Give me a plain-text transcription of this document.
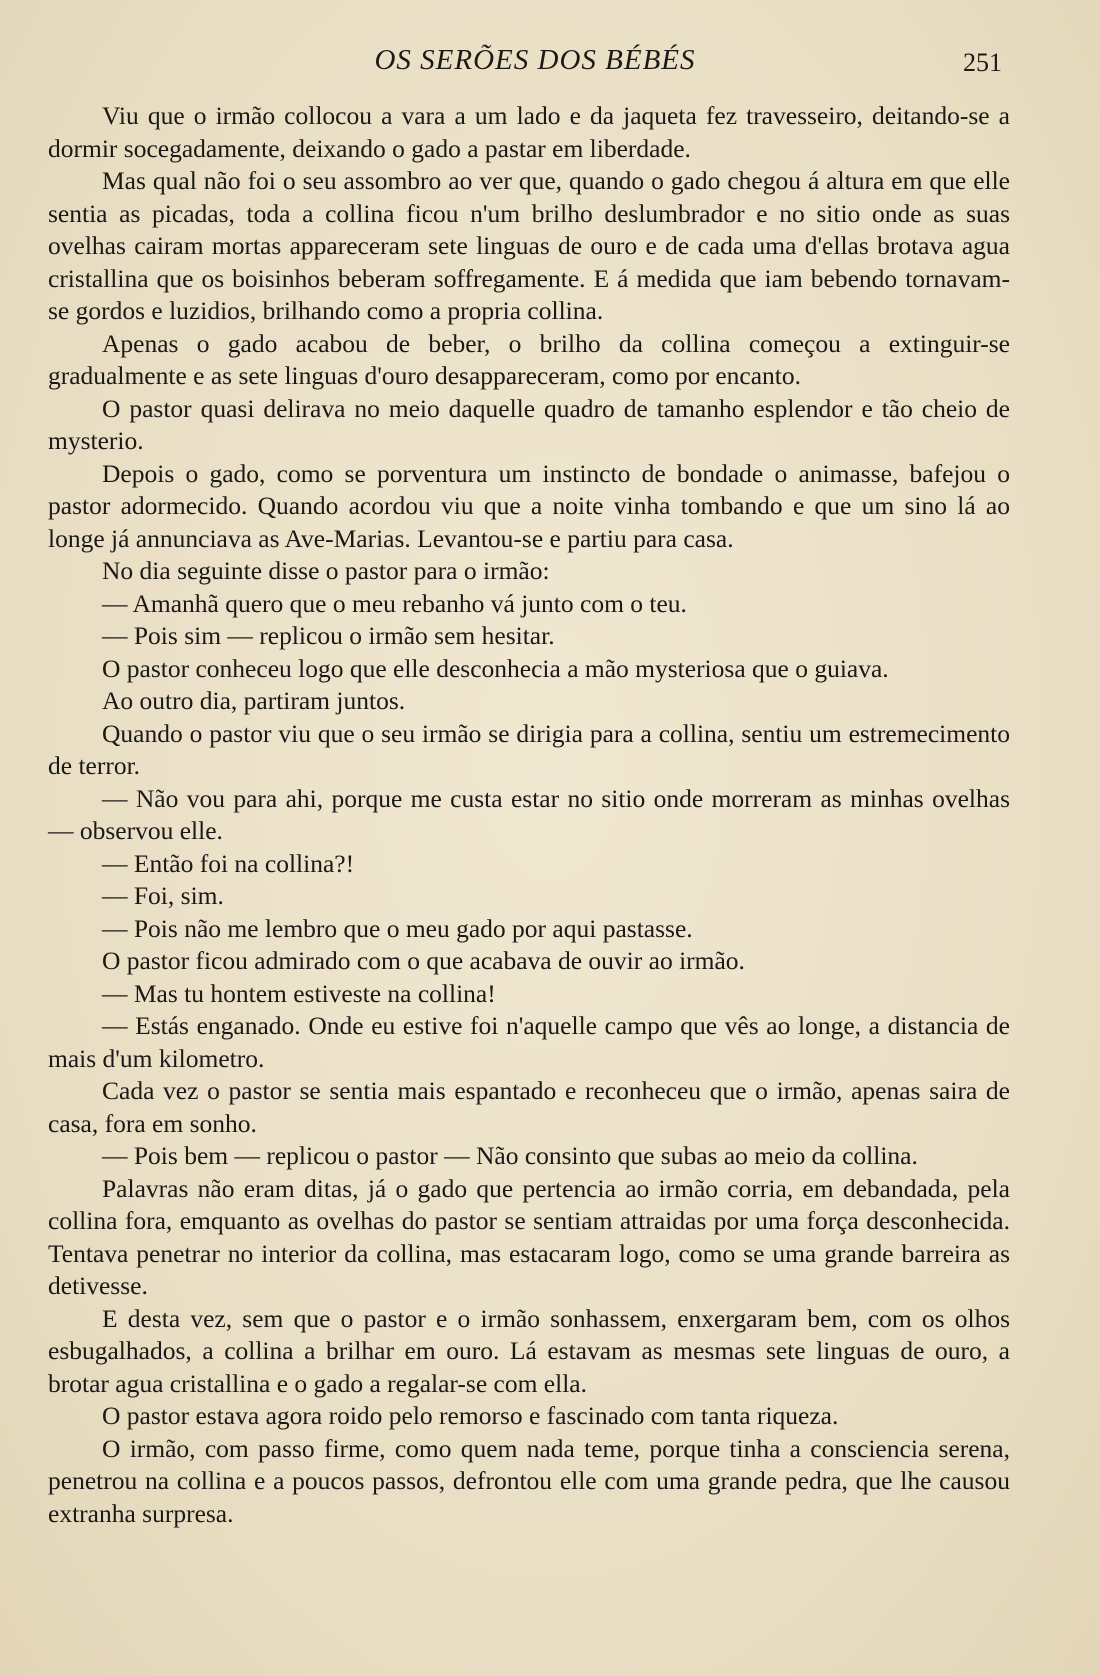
OS SERÕES DOS BÉBÉS	251

Viu que o irmão collocou a vara a um lado e da jaqueta fez travesseiro, deitando-se a dormir socegadamente, deixando o gado a pastar em liberdade.

Mas qual não foi o seu assombro ao ver que, quando o gado chegou á altura em que elle sentia as picadas, toda a collina ficou n'um brilho deslumbrador e no sitio onde as suas ovelhas cairam mortas appareceram sete linguas de ouro e de cada uma d'ellas brotava agua cristallina que os boisinhos beberam soffregamente. E á medida que iam bebendo tornavam-se gordos e luzidios, brilhando como a propria collina.

Apenas o gado acabou de beber, o brilho da collina começou a extinguir-se gradualmente e as sete linguas d'ouro desappareceram, como por encanto.

O pastor quasi delirava no meio daquelle quadro de tamanho esplendor e tão cheio de mysterio.

Depois o gado, como se porventura um instincto de bondade o animasse, bafejou o pastor adormecido. Quando acordou viu que a noite vinha tombando e que um sino lá ao longe já annunciava as Ave-Marias. Levantou-se e partiu para casa.

No dia seguinte disse o pastor para o irmão:

— Amanhã quero que o meu rebanho vá junto com o teu.

— Pois sim — replicou o irmão sem hesitar.

O pastor conheceu logo que elle desconhecia a mão mysteriosa que o guiava.

Ao outro dia, partiram juntos.

Quando o pastor viu que o seu irmão se dirigia para a collina, sentiu um estremecimento de terror.

— Não vou para ahi, porque me custa estar no sitio onde morreram as minhas ovelhas — observou elle.

— Então foi na collina?!

— Foi, sim.

— Pois não me lembro que o meu gado por aqui pastasse.

O pastor ficou admirado com o que acabava de ouvir ao irmão.

— Mas tu hontem estiveste na collina!

— Estás enganado. Onde eu estive foi n'aquelle campo que vês ao longe, a distancia de mais d'um kilometro.

Cada vez o pastor se sentia mais espantado e reconheceu que o irmão, apenas saira de casa, fora em sonho.

— Pois bem — replicou o pastor — Não consinto que subas ao meio da collina.

Palavras não eram ditas, já o gado que pertencia ao irmão corria, em debandada, pela collina fora, emquanto as ovelhas do pastor se sentiam attraidas por uma força desconhecida. Tentava penetrar no interior da collina, mas estacaram logo, como se uma grande barreira as detivesse.

E desta vez, sem que o pastor e o irmão sonhassem, enxergaram bem, com os olhos esbugalhados, a collina a brilhar em ouro. Lá estavam as mesmas sete linguas de ouro, a brotar agua cristallina e o gado a regalar-se com ella.

O pastor estava agora roido pelo remorso e fascinado com tanta riqueza.

O irmão, com passo firme, como quem nada teme, porque tinha a consciencia serena, penetrou na collina e a poucos passos, defrontou elle com uma grande pedra, que lhe causou extranha surpresa.
